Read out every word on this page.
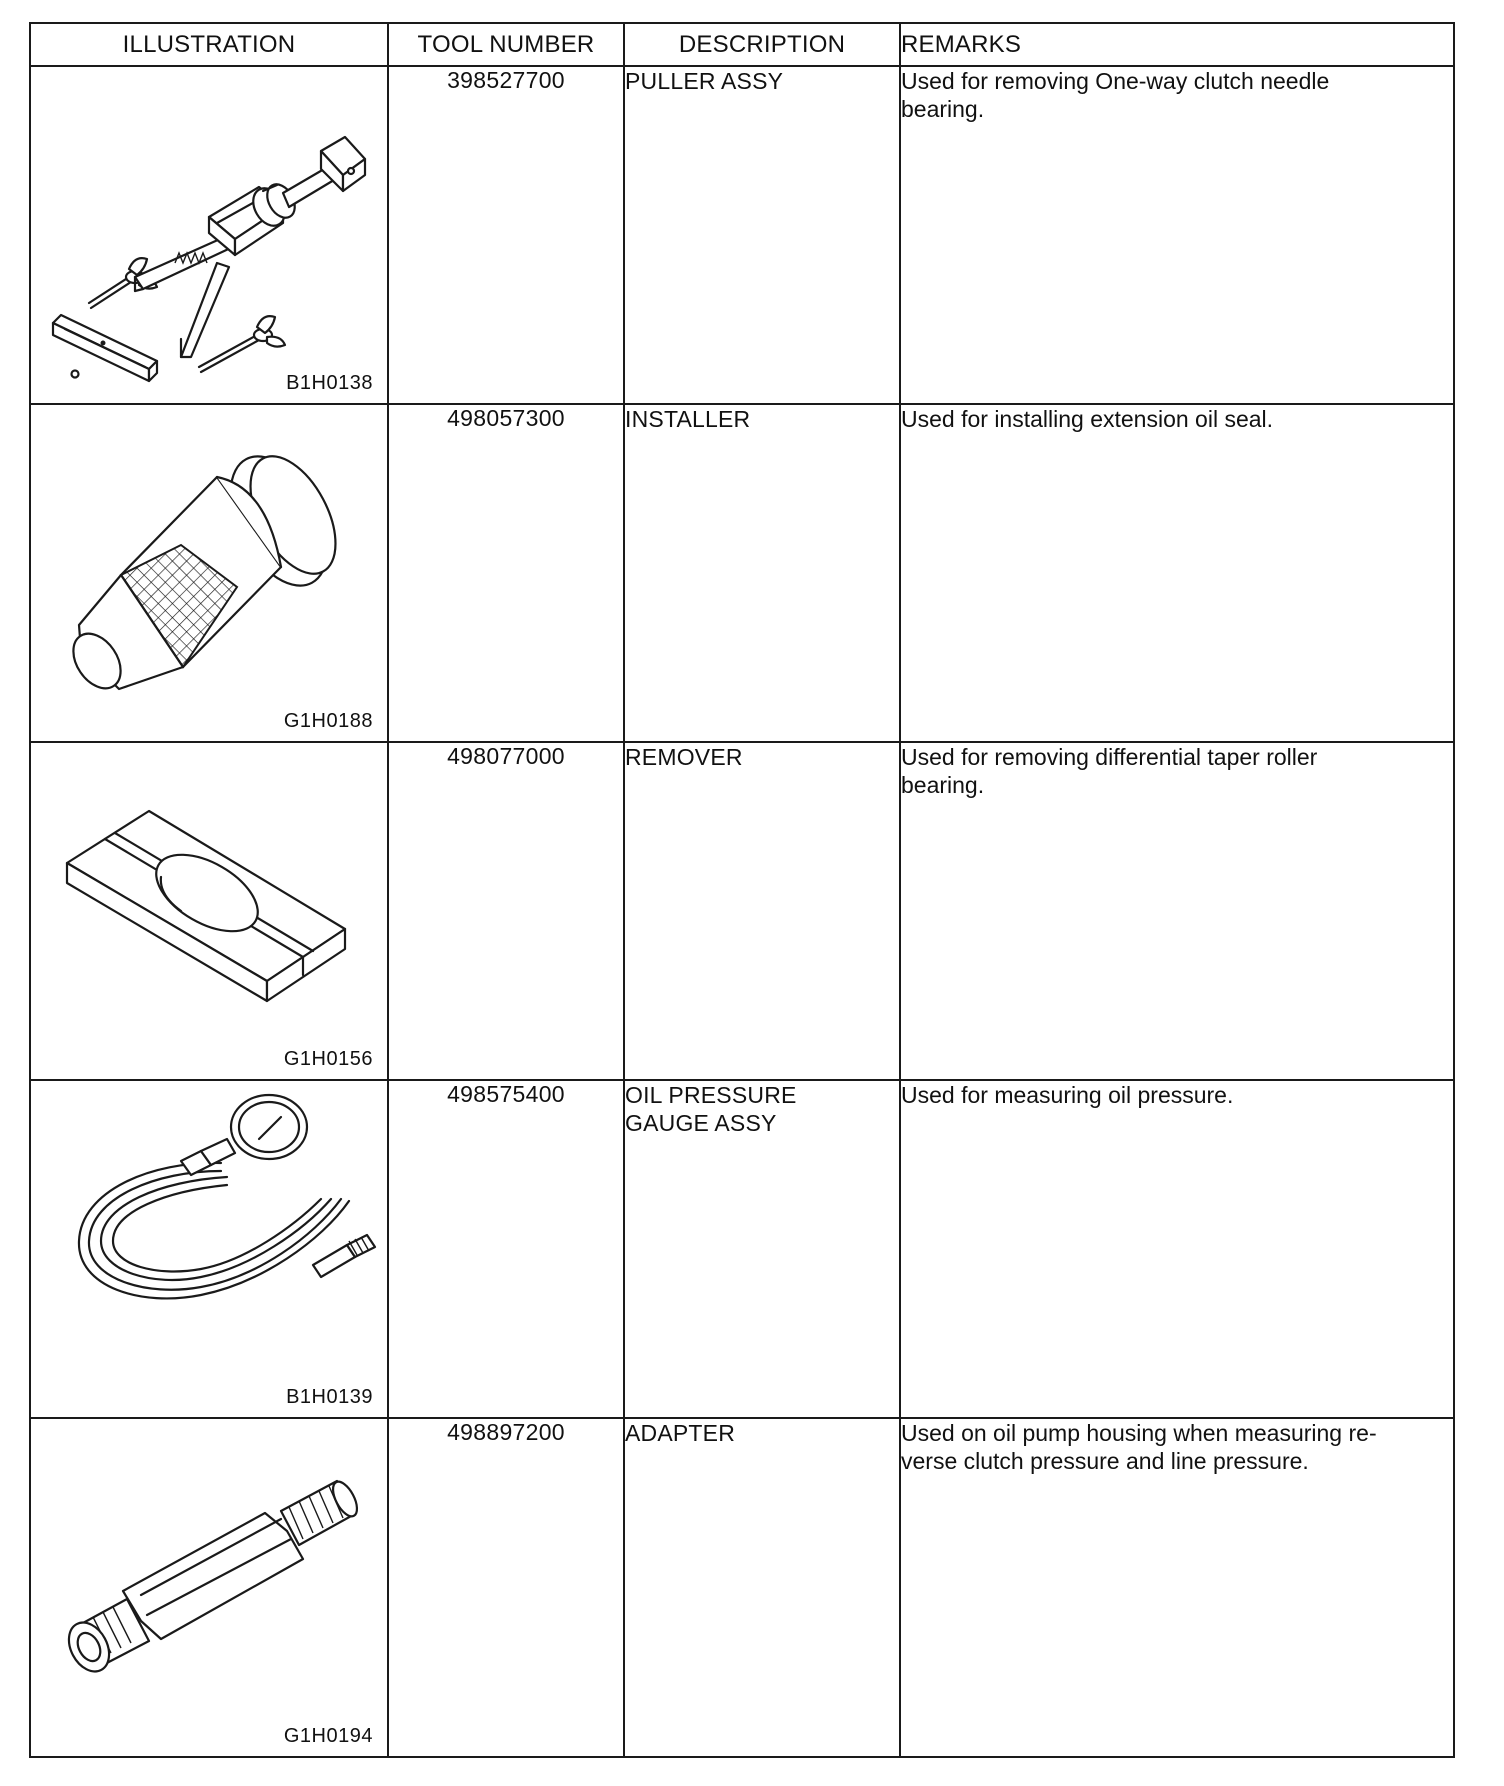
ILLUSTRATION	TOOL NUMBER	DESCRIPTION	REMARKS

B1H0138	398527700	PULLER ASSY	Used for removing One-way clutch needle
bearing.

G1H0188	498057300	INSTALLER	Used for installing extension oil seal.

G1H0156	498077000	REMOVER	Used for removing differential taper roller
bearing.

B1H0139	498575400	OIL PRESSURE
GAUGE ASSY	Used for measuring oil pressure.

G1H0194	498897200	ADAPTER	Used on oil pump housing when measuring re-
verse clutch pressure and line pressure.
